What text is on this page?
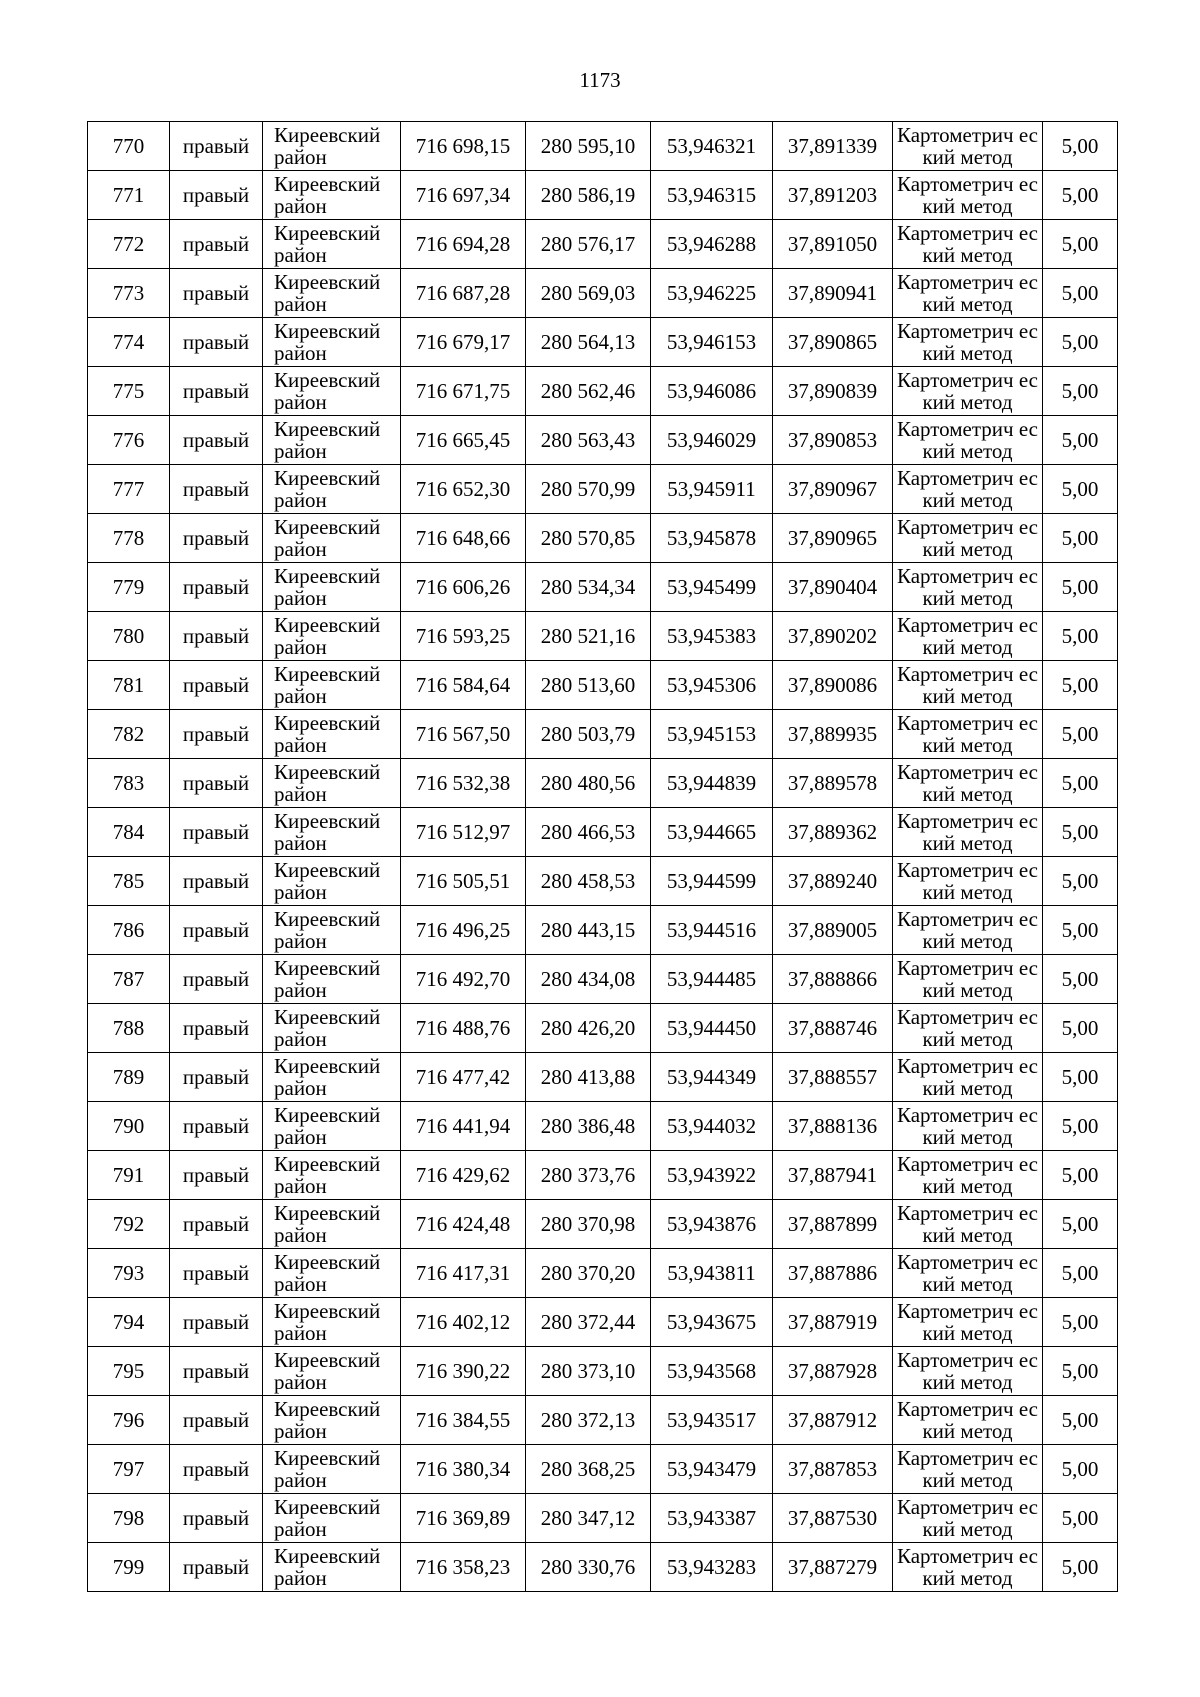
1173
770	правый	Киреевский район	716 698,15	280 595,10	53,946321	37,891339	Картометрич еский метод	5,00
771	правый	Киреевский район	716 697,34	280 586,19	53,946315	37,891203	Картометрич еский метод	5,00
772	правый	Киреевский район	716 694,28	280 576,17	53,946288	37,891050	Картометрич еский метод	5,00
773	правый	Киреевский район	716 687,28	280 569,03	53,946225	37,890941	Картометрич еский метод	5,00
774	правый	Киреевский район	716 679,17	280 564,13	53,946153	37,890865	Картометрич еский метод	5,00
775	правый	Киреевский район	716 671,75	280 562,46	53,946086	37,890839	Картометрич еский метод	5,00
776	правый	Киреевский район	716 665,45	280 563,43	53,946029	37,890853	Картометрич еский метод	5,00
777	правый	Киреевский район	716 652,30	280 570,99	53,945911	37,890967	Картометрич еский метод	5,00
778	правый	Киреевский район	716 648,66	280 570,85	53,945878	37,890965	Картометрич еский метод	5,00
779	правый	Киреевский район	716 606,26	280 534,34	53,945499	37,890404	Картометрич еский метод	5,00
780	правый	Киреевский район	716 593,25	280 521,16	53,945383	37,890202	Картометрич еский метод	5,00
781	правый	Киреевский район	716 584,64	280 513,60	53,945306	37,890086	Картометрич еский метод	5,00
782	правый	Киреевский район	716 567,50	280 503,79	53,945153	37,889935	Картометрич еский метод	5,00
783	правый	Киреевский район	716 532,38	280 480,56	53,944839	37,889578	Картометрич еский метод	5,00
784	правый	Киреевский район	716 512,97	280 466,53	53,944665	37,889362	Картометрич еский метод	5,00
785	правый	Киреевский район	716 505,51	280 458,53	53,944599	37,889240	Картометрич еский метод	5,00
786	правый	Киреевский район	716 496,25	280 443,15	53,944516	37,889005	Картометрич еский метод	5,00
787	правый	Киреевский район	716 492,70	280 434,08	53,944485	37,888866	Картометрич еский метод	5,00
788	правый	Киреевский район	716 488,76	280 426,20	53,944450	37,888746	Картометрич еский метод	5,00
789	правый	Киреевский район	716 477,42	280 413,88	53,944349	37,888557	Картометрич еский метод	5,00
790	правый	Киреевский район	716 441,94	280 386,48	53,944032	37,888136	Картометрич еский метод	5,00
791	правый	Киреевский район	716 429,62	280 373,76	53,943922	37,887941	Картометрич еский метод	5,00
792	правый	Киреевский район	716 424,48	280 370,98	53,943876	37,887899	Картометрич еский метод	5,00
793	правый	Киреевский район	716 417,31	280 370,20	53,943811	37,887886	Картометрич еский метод	5,00
794	правый	Киреевский район	716 402,12	280 372,44	53,943675	37,887919	Картометрич еский метод	5,00
795	правый	Киреевский район	716 390,22	280 373,10	53,943568	37,887928	Картометрич еский метод	5,00
796	правый	Киреевский район	716 384,55	280 372,13	53,943517	37,887912	Картометрич еский метод	5,00
797	правый	Киреевский район	716 380,34	280 368,25	53,943479	37,887853	Картометрич еский метод	5,00
798	правый	Киреевский район	716 369,89	280 347,12	53,943387	37,887530	Картометрич еский метод	5,00
799	правый	Киреевский район	716 358,23	280 330,76	53,943283	37,887279	Картометрич еский метод	5,00
